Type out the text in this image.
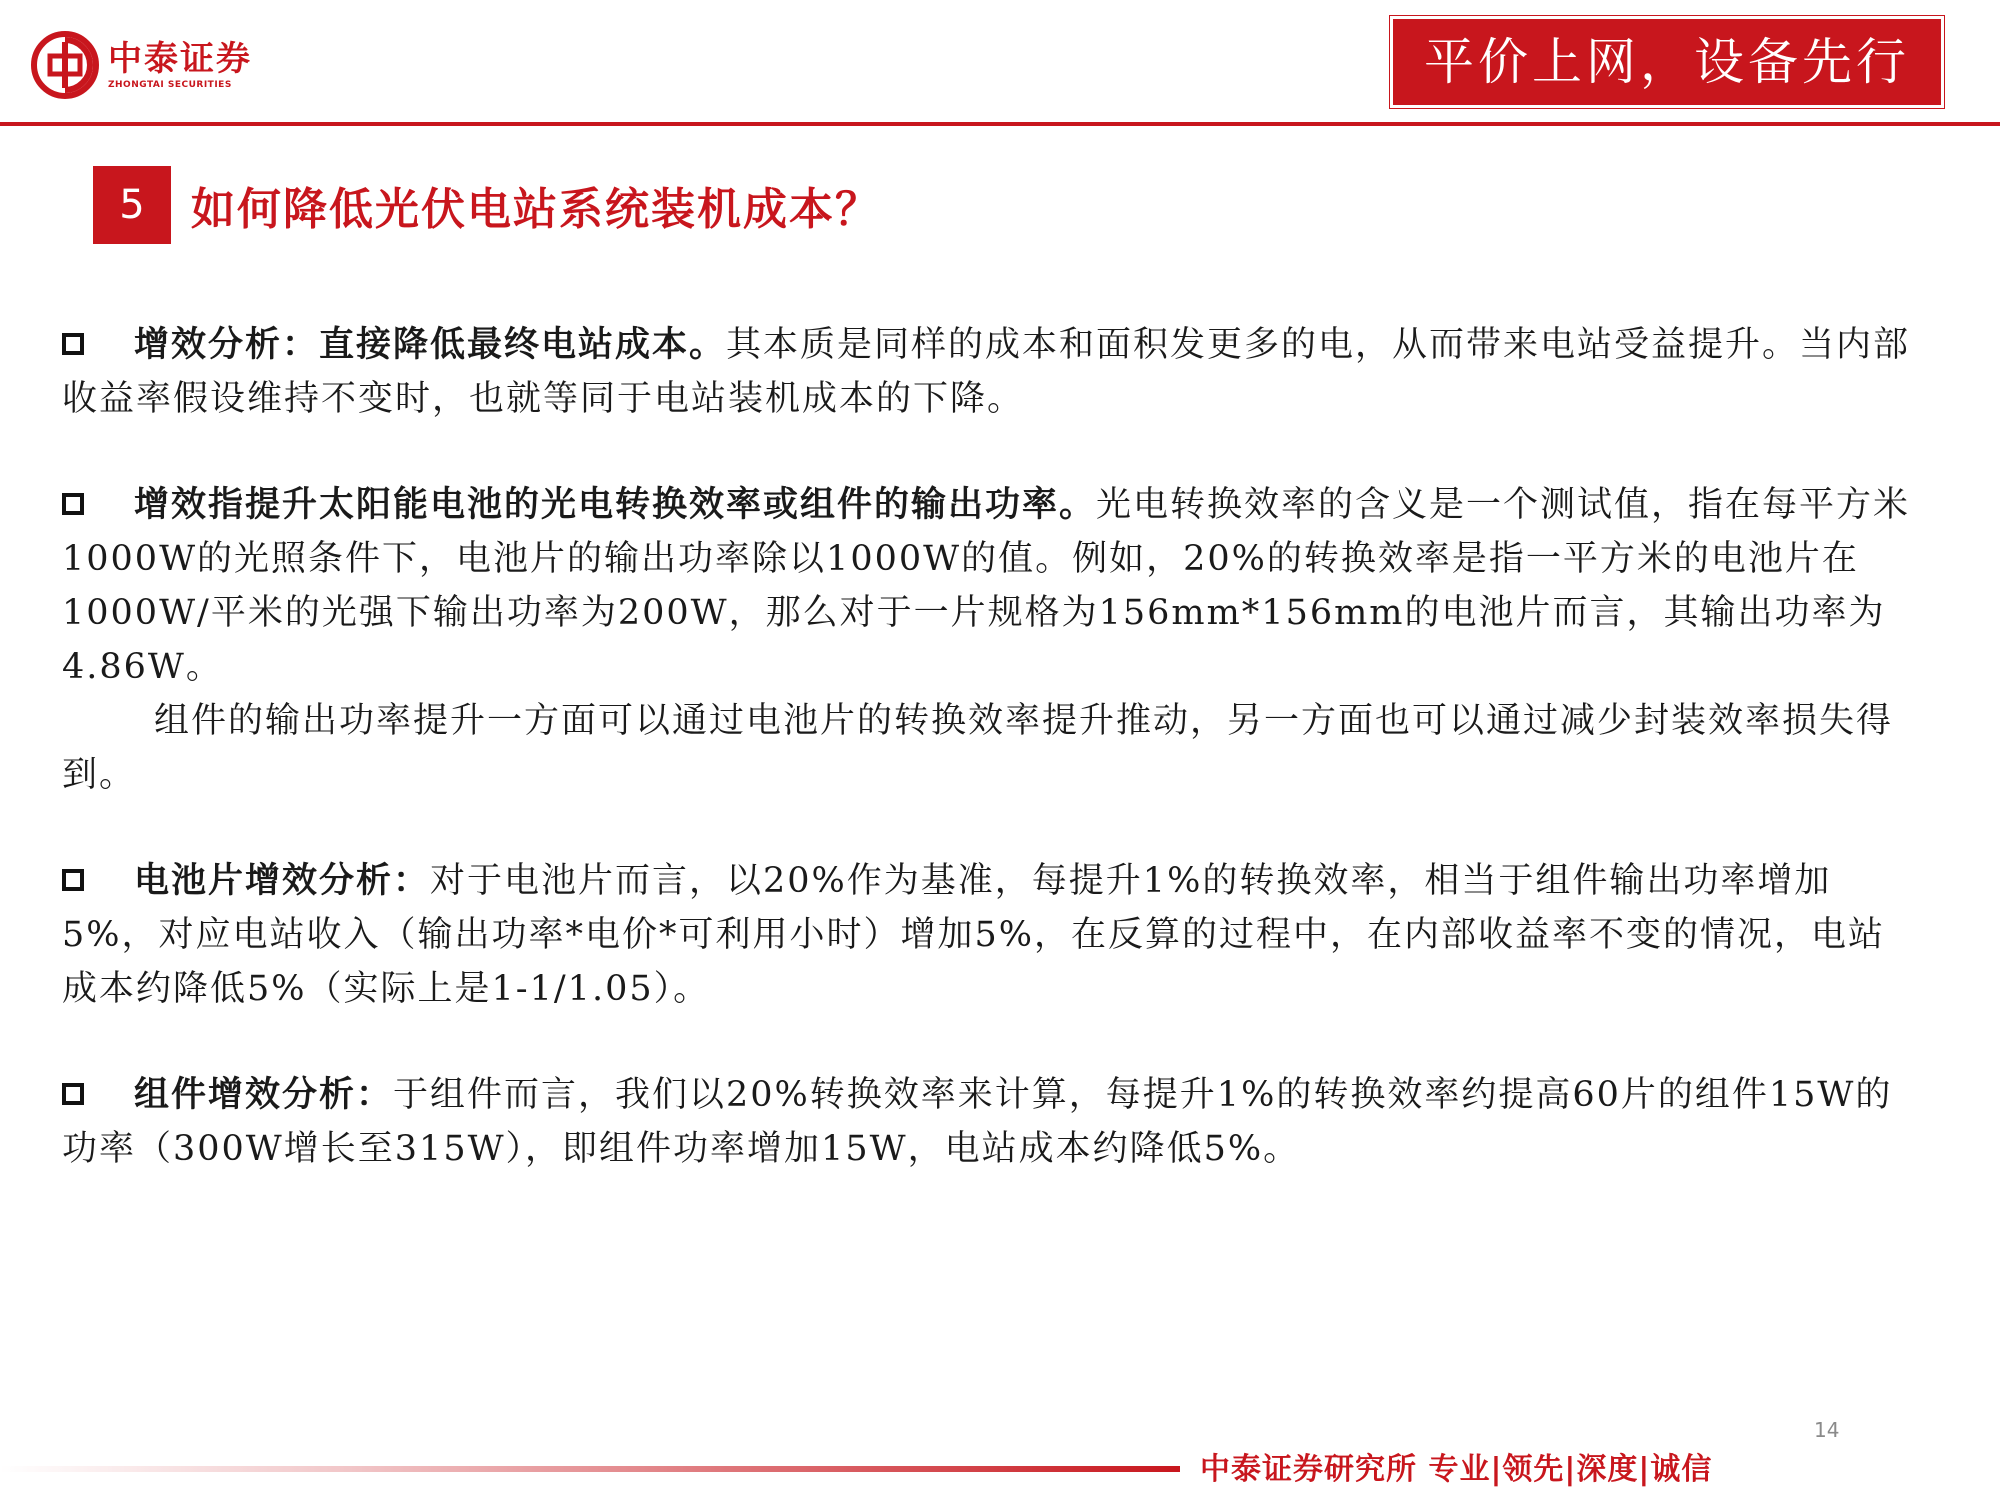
中泰证券
ZHONGTAI SECURITIES	平价上网，设备先行
5	如何降低光伏电站系统装机成本？

增效分析：直接降低最终电站成本。其本质是同样的成本和面积发更多的电，从而带来电站受益提升。当内部收益率假设维持不变时，也就等同于电站装机成本的下降。

增效指提升太阳能电池的光电转换效率或组件的输出功率。光电转换效率的含义是一个测试值，指在每平方米1000W的光照条件下，电池片的输出功率除以1000W的值。例如，20%的转换效率是指一平方米的电池片在1000W/平米的光强下输出功率为200W，那么对于一片规格为156mm*156mm的电池片而言，其输出功率为4.86W。

组件的输出功率提升一方面可以通过电池片的转换效率提升推动，另一方面也可以通过减少封装效率损失得到。

电池片增效分析：对于电池片而言，以20%作为基准，每提升1%的转换效率，相当于组件输出功率增加5%，对应电站收入（输出功率*电价*可利用小时）增加5%，在反算的过程中，在内部收益率不变的情况，电站成本约降低5%（实际上是1-1/1.05）。

组件增效分析：于组件而言，我们以20%转换效率来计算，每提升1%的转换效率约提高60片的组件15W的功率（300W增长至315W），即组件功率增加15W，电站成本约降低5%。

14
中泰证券研究所 专业|领先|深度|诚信
